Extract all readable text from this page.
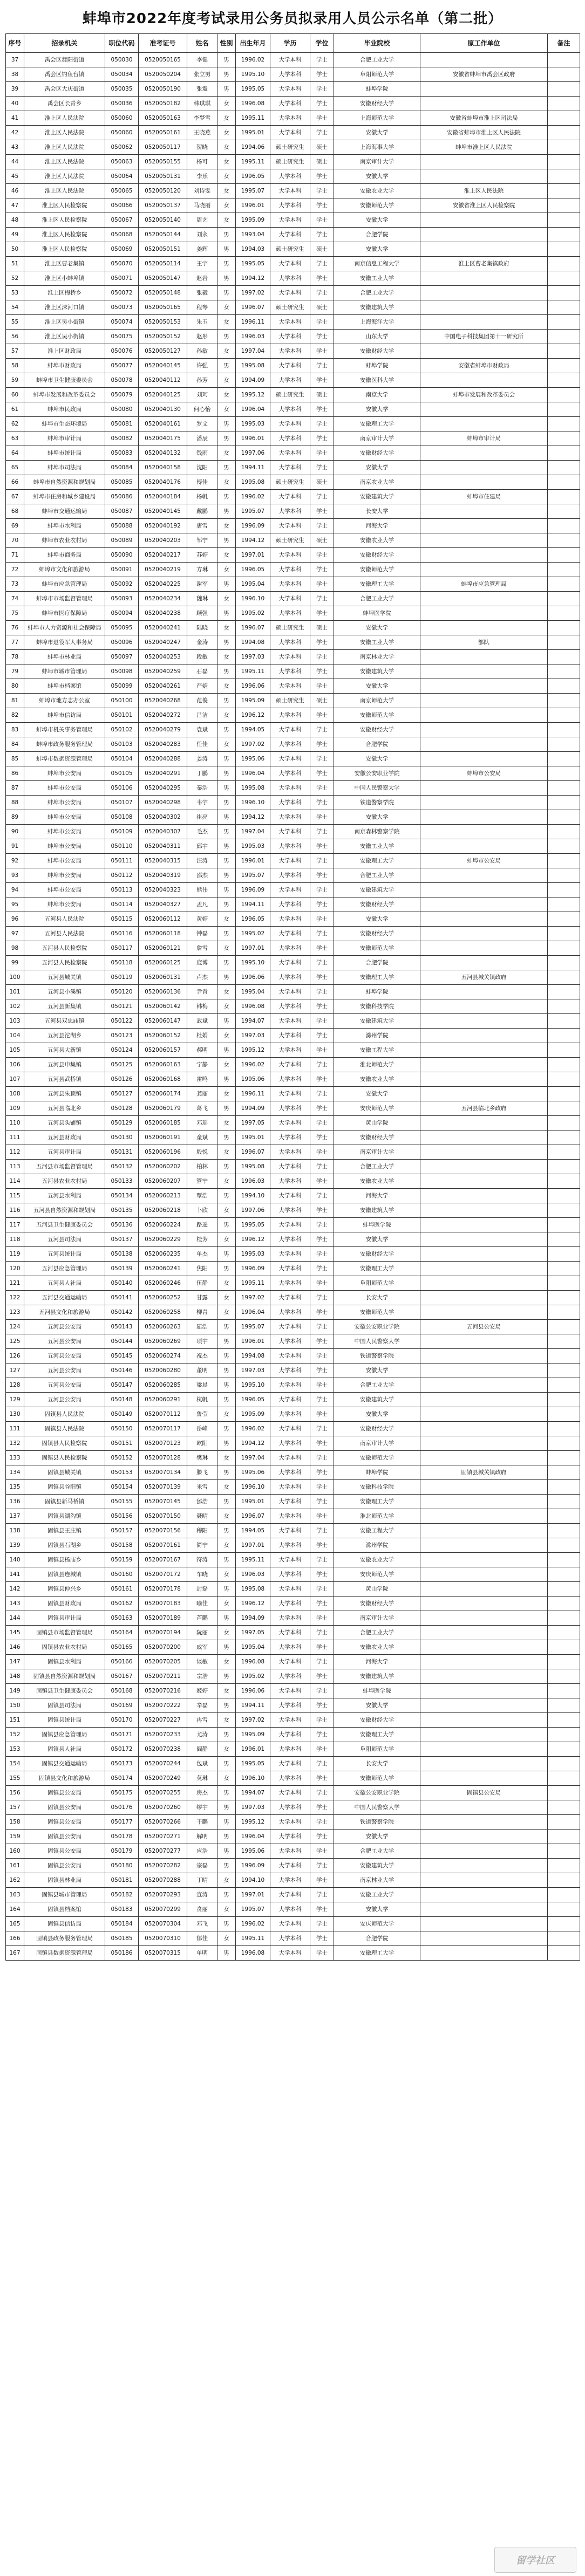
蚌埠市2022年度考试录用公务员拟录用人员公示名单（第二批）
序号	招录机关	职位代码	准考证号	姓名	性别	出生年月	学历	学位	毕业院校	原工作单位	备注
37	禹会区舞阳街道	050030	0520050165	李健	男	1996.02	大学本科	学士	合肥工业大学		
38	禹会区钓鱼台镇	050034	0520050204	张立男	男	1995.10	大学本科	学士	阜阳师范大学	安徽省蚌埠市禹会区政府	
39	禹会区大庆街道	050035	0520050190	张震	男	1995.05	大学本科	学士	蚌埠学院		
40	禹会区长青乡	050036	0520050182	韩琪琪	女	1996.08	大学本科	学士	安徽财经大学		
41	淮上区人民法院	050060	0520050163	李梦雪	女	1995.11	大学本科	学士	上海师范大学	安徽省蚌埠市淮上区司法局	
42	淮上区人民法院	050060	0520050161	王晓燕	女	1995.01	大学本科	学士	安徽大学	安徽省蚌埠市淮上区人民法院	
43	淮上区人民法院	050062	0520050117	贺晓	女	1994.06	硕士研究生	硕士	上海海事大学	蚌埠市淮上区人民法院	
44	淮上区人民法院	050063	0520050155	杨可	女	1995.11	硕士研究生	硕士	南京审计大学		
45	淮上区人民法院	050064	0520050131	李乐	女	1996.05	大学本科	学士	安徽大学		
46	淮上区人民法院	050065	0520050120	刘诗雯	女	1995.07	大学本科	学士	安徽农业大学	淮上区人民法院	
47	淮上区人民检察院	050066	0520050137	马晓丽	女	1996.01	大学本科	学士	安徽师范大学	安徽省淮上区人民检察院	
48	淮上区人民检察院	050067	0520050140	周艺	女	1995.09	大学本科	学士	安徽大学		
49	淮上区人民检察院	050068	0520050144	刘永	男	1993.04	大学本科	学士	合肥学院		
50	淮上区人民检察院	050069	0520050151	姜辉	男	1994.03	硕士研究生	硕士	安徽大学		
51	淮上区曹老集镇	050070	0520050114	王宇	男	1995.05	大学本科	学士	南京信息工程大学	淮上区曹老集镇政府	
52	淮上区小蚌埠镇	050071	0520050147	赵岩	男	1994.12	大学本科	学士	安徽工业大学		
53	淮上区梅桥乡	050072	0520050148	张毅	男	1997.02	大学本科	学士	合肥工业大学		
54	淮上区沫河口镇	050073	0520050165	程琴	女	1996.07	硕士研究生	硕士	安徽建筑大学		
55	淮上区吴小街镇	050074	0520050153	朱玉	女	1996.11	大学本科	学士	上海海洋大学		
56	淮上区吴小街镇	050075	0520050152	赵彤	男	1996.03	大学本科	学士	山东大学	中国电子科技集团第十一研究所	
57	淮上区财政局	050076	0520050127	孙敏	女	1997.04	大学本科	学士	安徽财经大学		
58	蚌埠市财政局	050077	0520040145	许强	男	1995.08	大学本科	学士	蚌埠学院	安徽省蚌埠市财政局	
59	蚌埠市卫生健康委员会	050078	0520040112	孙芳	女	1994.09	大学本科	学士	安徽医科大学		
60	蚌埠市发展和改革委员会	050079	0520040125	刘珂	女	1995.12	硕士研究生	硕士	南京大学	蚌埠市发展和改革委员会	
61	蚌埠市民政局	050080	0520040130	何心怡	女	1996.04	大学本科	学士	安徽大学		
62	蚌埠市生态环境局	050081	0520040161	罗文	男	1995.03	大学本科	学士	安徽理工大学		
63	蚌埠市审计局	050082	0520040175	潘辰	男	1996.01	大学本科	学士	南京审计大学	蚌埠市审计局	
64	蚌埠市统计局	050083	0520040132	钱雨	女	1997.06	大学本科	学士	安徽财经大学		
65	蚌埠市司法局	050084	0520040158	沈阳	男	1994.11	大学本科	学士	安徽大学		
66	蚌埠市自然资源和规划局	050085	0520040176	傅佳	女	1995.08	硕士研究生	硕士	南京农业大学		
67	蚌埠市住房和城乡建设局	050086	0520040184	杨帆	男	1996.02	大学本科	学士	安徽建筑大学	蚌埠市住建局	
68	蚌埠市交通运输局	050087	0520040145	戴鹏	男	1995.07	大学本科	学士	长安大学		
69	蚌埠市水利局	050088	0520040192	唐雪	女	1996.09	大学本科	学士	河海大学		
70	蚌埠市农业农村局	050089	0520040203	邹宁	男	1994.12	硕士研究生	硕士	安徽农业大学		
71	蚌埠市商务局	050090	0520040217	苏婷	女	1997.01	大学本科	学士	安徽财经大学		
72	蚌埠市文化和旅游局	050091	0520040219	方琳	女	1996.05	大学本科	学士	安徽师范大学		
73	蚌埠市应急管理局	050092	0520040225	谢军	男	1995.04	大学本科	学士	安徽理工大学	蚌埠市应急管理局	
74	蚌埠市市场监督管理局	050093	0520040234	魏琳	女	1996.10	大学本科	学士	合肥工业大学		
75	蚌埠市医疗保障局	050094	0520040238	顾强	男	1995.02	大学本科	学士	蚌埠医学院		
76	蚌埠市人力资源和社会保障局	050095	0520040241	陆晓	女	1996.07	硕士研究生	硕士	安徽大学		
77	蚌埠市退役军人事务局	050096	0520040247	金涛	男	1994.08	大学本科	学士	安徽工业大学	部队	
78	蚌埠市林业局	050097	0520040253	段敏	女	1997.03	大学本科	学士	南京林业大学		
79	蚌埠市城市管理局	050098	0520040259	石磊	男	1995.11	大学本科	学士	安徽建筑大学		
80	蚌埠市档案馆	050099	0520040261	严婧	女	1996.06	大学本科	学士	安徽大学		
81	蚌埠市地方志办公室	050100	0520040268	范俊	男	1995.09	硕士研究生	硕士	南京师范大学		
82	蚌埠市信访局	050101	0520040272	吕洁	女	1996.12	大学本科	学士	安徽师范大学		
83	蚌埠市机关事务管理局	050102	0520040279	袁斌	男	1994.05	大学本科	学士	安徽财经大学		
84	蚌埠市政务服务管理局	050103	0520040283	任佳	女	1997.02	大学本科	学士	合肥学院		
85	蚌埠市数据资源管理局	050104	0520040288	姜涛	男	1995.06	大学本科	学士	安徽大学		
86	蚌埠市公安局	050105	0520040291	丁鹏	男	1996.04	大学本科	学士	安徽公安职业学院	蚌埠市公安局	
87	蚌埠市公安局	050106	0520040295	秦浩	男	1995.08	大学本科	学士	中国人民警察大学		
88	蚌埠市公安局	050107	0520040298	韦宇	男	1996.10	大学本科	学士	铁道警察学院		
89	蚌埠市公安局	050108	0520040302	崔亮	男	1994.12	大学本科	学士	安徽大学		
90	蚌埠市公安局	050109	0520040307	毛杰	男	1997.04	大学本科	学士	南京森林警察学院		
91	蚌埠市公安局	050110	0520040311	邱宇	男	1995.03	大学本科	学士	安徽工业大学		
92	蚌埠市公安局	050111	0520040315	汪涛	男	1996.01	大学本科	学士	安徽理工大学	蚌埠市公安局	
93	蚌埠市公安局	050112	0520040319	邵杰	男	1995.07	大学本科	学士	合肥工业大学		
94	蚌埠市公安局	050113	0520040323	熊伟	男	1996.09	大学本科	学士	安徽建筑大学		
95	蚌埠市公安局	050114	0520040327	孟凡	男	1994.11	大学本科	学士	安徽财经大学		
96	五河县人民法院	050115	0520060112	黄婷	女	1996.05	大学本科	学士	安徽大学		
97	五河县人民法院	050116	0520060118	钟磊	男	1995.02	大学本科	学士	安徽财经大学		
98	五河县人民检察院	050117	0520060121	詹雪	女	1997.01	大学本科	学士	安徽师范大学		
99	五河县人民检察院	050118	0520060125	庞博	男	1995.10	大学本科	学士	合肥学院		
100	五河县城关镇	050119	0520060131	卢杰	男	1996.06	大学本科	学士	安徽理工大学	五河县城关镇政府	
101	五河县小溪镇	050120	0520060136	尹青	女	1995.04	大学本科	学士	蚌埠学院		
102	五河县新集镇	050121	0520060142	韩梅	女	1996.08	大学本科	学士	安徽科技学院		
103	五河县双忠庙镇	050122	0520060147	武斌	男	1994.07	大学本科	学士	安徽建筑大学		
104	五河县沱湖乡	050123	0520060152	杜娟	女	1997.03	大学本科	学士	滁州学院		
105	五河县大新镇	050124	0520060157	郝明	男	1995.12	大学本科	学士	安徽工程大学		
106	五河县申集镇	050125	0520060163	宁静	女	1996.02	大学本科	学士	淮北师范大学		
107	五河县武桥镇	050126	0520060168	雷鸣	男	1995.06	大学本科	学士	安徽农业大学		
108	五河县朱顶镇	050127	0520060174	龚丽	女	1996.11	大学本科	学士	安徽大学		
109	五河县临北乡	050128	0520060179	葛飞	男	1994.09	大学本科	学士	安庆师范大学	五河县临北乡政府	
110	五河县头铺镇	050129	0520060185	邓瑶	女	1997.05	大学本科	学士	黄山学院		
111	五河县财政局	050130	0520060191	童斌	男	1995.01	大学本科	学士	安徽财经大学		
112	五河县审计局	050131	0520060196	殷悦	女	1996.07	大学本科	学士	南京审计大学		
113	五河县市场监督管理局	050132	0520060202	柏林	男	1995.08	大学本科	学士	合肥工业大学		
114	五河县农业农村局	050133	0520060207	管宁	女	1996.03	大学本科	学士	安徽农业大学		
115	五河县水利局	050134	0520060213	覃浩	男	1994.10	大学本科	学士	河海大学		
116	五河县自然资源和规划局	050135	0520060218	卜欣	女	1997.06	大学本科	学士	安徽建筑大学		
117	五河县卫生健康委员会	050136	0520060224	路遥	男	1995.05	大学本科	学士	蚌埠医学院		
118	五河县司法局	050137	0520060229	桂芳	女	1996.12	大学本科	学士	安徽大学		
119	五河县统计局	050138	0520060235	单杰	男	1995.03	大学本科	学士	安徽财经大学		
120	五河县应急管理局	050139	0520060241	焦阳	男	1996.09	大学本科	学士	安徽理工大学		
121	五河县人社局	050140	0520060246	伍静	女	1995.11	大学本科	学士	阜阳师范大学		
122	五河县交通运输局	050141	0520060252	甘露	女	1997.02	大学本科	学士	长安大学		
123	五河县文化和旅游局	050142	0520060258	柳青	女	1996.04	大学本科	学士	安徽师范大学		
124	五河县公安局	050143	0520060263	屈浩	男	1995.07	大学本科	学士	安徽公安职业学院	五河县公安局	
125	五河县公安局	050144	0520060269	项宇	男	1996.01	大学本科	学士	中国人民警察大学		
126	五河县公安局	050145	0520060274	祝杰	男	1994.08	大学本科	学士	铁道警察学院		
127	五河县公安局	050146	0520060280	董明	男	1997.03	大学本科	学士	安徽大学		
128	五河县公安局	050147	0520060285	梁晨	男	1995.10	大学本科	学士	合肥工业大学		
129	五河县公安局	050148	0520060291	杭帆	男	1996.05	大学本科	学士	安徽建筑大学		
130	固镇县人民法院	050149	0520070112	鲁莹	女	1995.09	大学本科	学士	安徽大学		
131	固镇县人民法院	050150	0520070117	岳峰	男	1996.02	大学本科	学士	安徽财经大学		
132	固镇县人民检察院	050151	0520070123	欧阳	男	1994.12	大学本科	学士	南京审计大学		
133	固镇县人民检察院	050152	0520070128	樊琳	女	1997.04	大学本科	学士	安徽师范大学		
134	固镇县城关镇	050153	0520070134	滕飞	男	1995.06	大学本科	学士	蚌埠学院	固镇县城关镇政府	
135	固镇县谷阳镇	050154	0520070139	米雪	女	1996.10	大学本科	学士	安徽科技学院		
136	固镇县新马桥镇	050155	0520070145	邰浩	男	1995.01	大学本科	学士	安徽理工大学		
137	固镇县湖沟镇	050156	0520070150	聂晴	女	1996.07	大学本科	学士	淮北师范大学		
138	固镇县王庄镇	050157	0520070156	穆阳	男	1994.05	大学本科	学士	安徽工程大学		
139	固镇县石湖乡	050158	0520070161	简宁	女	1997.01	大学本科	学士	滁州学院		
140	固镇县杨庙乡	050159	0520070167	符涛	男	1995.11	大学本科	学士	安徽农业大学		
141	固镇县连城镇	050160	0520070172	车晓	女	1996.03	大学本科	学士	安庆师范大学		
142	固镇县仲兴乡	050161	0520070178	封磊	男	1995.08	大学本科	学士	黄山学院		
143	固镇县财政局	050162	0520070183	喻佳	女	1996.12	大学本科	学士	安徽财经大学		
144	固镇县审计局	050163	0520070189	芦鹏	男	1994.09	大学本科	学士	南京审计大学		
145	固镇县市场监督管理局	050164	0520070194	阮丽	女	1997.05	大学本科	学士	合肥工业大学		
146	固镇县农业农村局	050165	0520070200	戚军	男	1995.04	大学本科	学士	安徽农业大学		
147	固镇县水利局	050166	0520070205	谈敏	女	1996.08	大学本科	学士	河海大学		
148	固镇县自然资源和规划局	050167	0520070211	宗浩	男	1995.02	大学本科	学士	安徽建筑大学		
149	固镇县卫生健康委员会	050168	0520070216	姬婷	女	1996.06	大学本科	学士	蚌埠医学院		
150	固镇县司法局	050169	0520070222	辛磊	男	1994.11	大学本科	学士	安徽大学		
151	固镇县统计局	050170	0520070227	冉雪	女	1997.02	大学本科	学士	安徽财经大学		
152	固镇县应急管理局	050171	0520070233	尤涛	男	1995.09	大学本科	学士	安徽理工大学		
153	固镇县人社局	050172	0520070238	阎静	女	1996.01	大学本科	学士	阜阳师范大学		
154	固镇县交通运输局	050173	0520070244	包斌	男	1995.05	大学本科	学士	长安大学		
155	固镇县文化和旅游局	050174	0520070249	莫琳	女	1996.10	大学本科	学士	安徽师范大学		
156	固镇县公安局	050175	0520070255	房杰	男	1994.07	大学本科	学士	安徽公安职业学院	固镇县公安局	
157	固镇县公安局	050176	0520070260	缪宇	男	1997.03	大学本科	学士	中国人民警察大学		
158	固镇县公安局	050177	0520070266	干鹏	男	1995.12	大学本科	学士	铁道警察学院		
159	固镇县公安局	050178	0520070271	解明	男	1996.04	大学本科	学士	安徽大学		
160	固镇县公安局	050179	0520070277	应浩	男	1995.06	大学本科	学士	合肥工业大学		
161	固镇县公安局	050180	0520070282	宗磊	男	1996.09	大学本科	学士	安徽建筑大学		
162	固镇县林业局	050181	0520070288	丁晴	女	1994.10	大学本科	学士	南京林业大学		
163	固镇县城市管理局	050182	0520070293	宣涛	男	1997.01	大学本科	学士	安徽工业大学		
164	固镇县档案馆	050183	0520070299	贲丽	女	1995.07	大学本科	学士	安徽大学		
165	固镇县信访局	050184	0520070304	邓飞	男	1996.02	大学本科	学士	安庆师范大学		
166	固镇县政务服务管理局	050185	0520070310	郁佳	女	1995.11	大学本科	学士	合肥学院		
167	固镇县数据资源管理局	050186	0520070315	单明	男	1996.08	大学本科	学士	安徽理工大学		
留学社区
